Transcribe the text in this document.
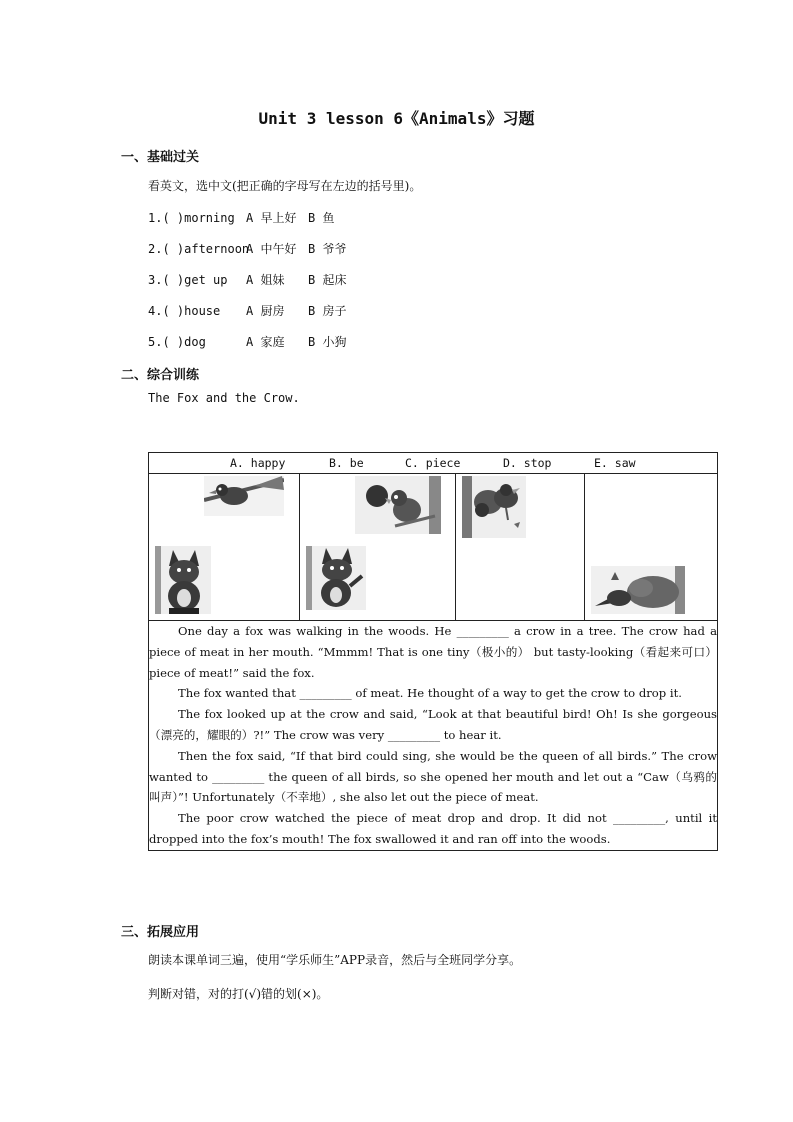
Unit 3 lesson 6《Animals》习题
一、基础过关
看英文，选中文(把正确的字母写在左边的括号里)。
1.( )morning A 早上好 B 鱼
2.( )afternoonA 中午好 B 爷爷
3.( )get up A 姐妹 B 起床
4.( )house A 厨房 B 房子
5.( )dog	A 家庭 B 小狗
二、综合训练
The Fox and the Crow.
A. happy	B. be	C. piece	D. stop	E. saw

One day a fox was walking in the woods. He _________ a crow in a tree. The crow had a piece of meat in her mouth. “Mmmm! That is one tiny（极小的） but tasty-looking（看起来可口） piece of meat!” said the fox.

The fox wanted that _________ of meat. He thought of a way to get the crow to drop it.

The fox looked up at the crow and said, “Look at that beautiful bird! Oh! Is she gorgeous（漂亮的，耀眼的）?!” The crow was very _________ to hear it.

Then the fox said, “If that bird could sing, she would be the queen of all birds.” The crow wanted to _________ the queen of all birds, so she opened her mouth and let out a “Caw（乌鸦的叫声）”! Unfortunately（不幸地）, she also let out the piece of meat.

The poor crow watched the piece of meat drop and drop. It did not _________, until it dropped into the fox’s mouth! The fox swallowed it and ran off into the woods.

三、拓展应用
朗读本课单词三遍，使用“学乐师生”APP录音，然后与全班同学分享。
判断对错，对的打(√)错的划(×)。
